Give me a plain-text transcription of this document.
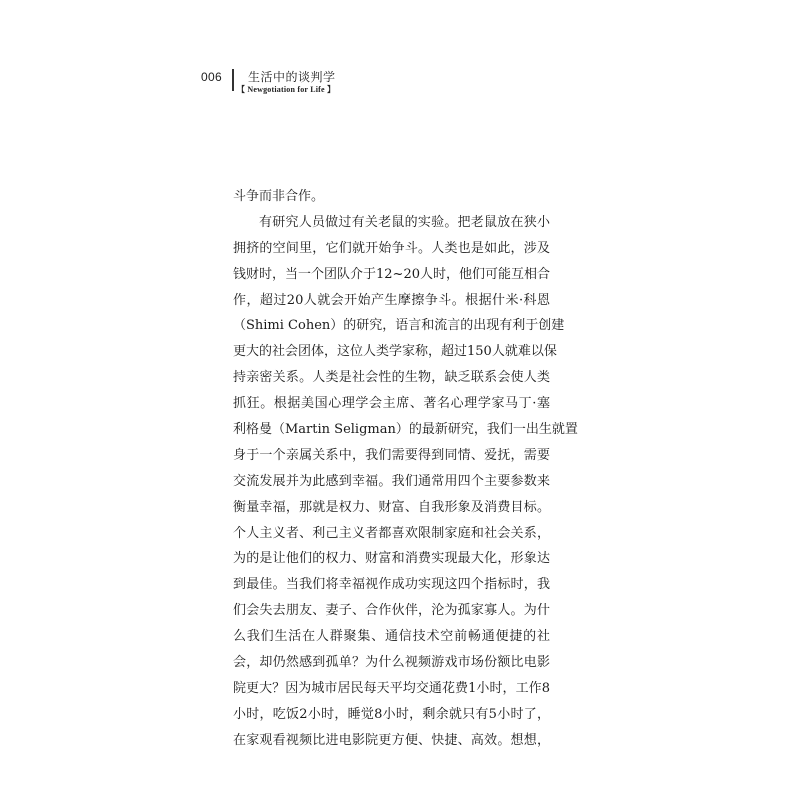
006 生活中的谈判学
【 Newgotiation for Life 】
斗争而非合作。
有研究人员做过有关老鼠的实验。把老鼠放在狭小
拥挤的空间里，它们就开始争斗。人类也是如此，涉及
钱财时，当一个团队介于12~20人时，他们可能互相合
作，超过20人就会开始产生摩擦争斗。根据什米·科恩
（Shimi Cohen）的研究，语言和流言的出现有利于创建
更大的社会团体，这位人类学家称，超过150人就难以保
持亲密关系。人类是社会性的生物，缺乏联系会使人类
抓狂。根据美国心理学会主席、著名心理学家马丁·塞
利格曼（Martin Seligman）的最新研究，我们一出生就置
身于一个亲属关系中，我们需要得到同情、爱抚，需要
交流发展并为此感到幸福。我们通常用四个主要参数来
衡量幸福，那就是权力、财富、自我形象及消费目标。
个人主义者、利己主义者都喜欢限制家庭和社会关系，
为的是让他们的权力、财富和消费实现最大化，形象达
到最佳。当我们将幸福视作成功实现这四个指标时，我
们会失去朋友、妻子、合作伙伴，沦为孤家寡人。为什
么我们生活在人群聚集、通信技术空前畅通便捷的社
会，却仍然感到孤单？为什么视频游戏市场份额比电影
院更大？因为城市居民每天平均交通花费1小时，工作8
小时，吃饭2小时，睡觉8小时，剩余就只有5小时了，
在家观看视频比进电影院更方便、快捷、高效。想想，
